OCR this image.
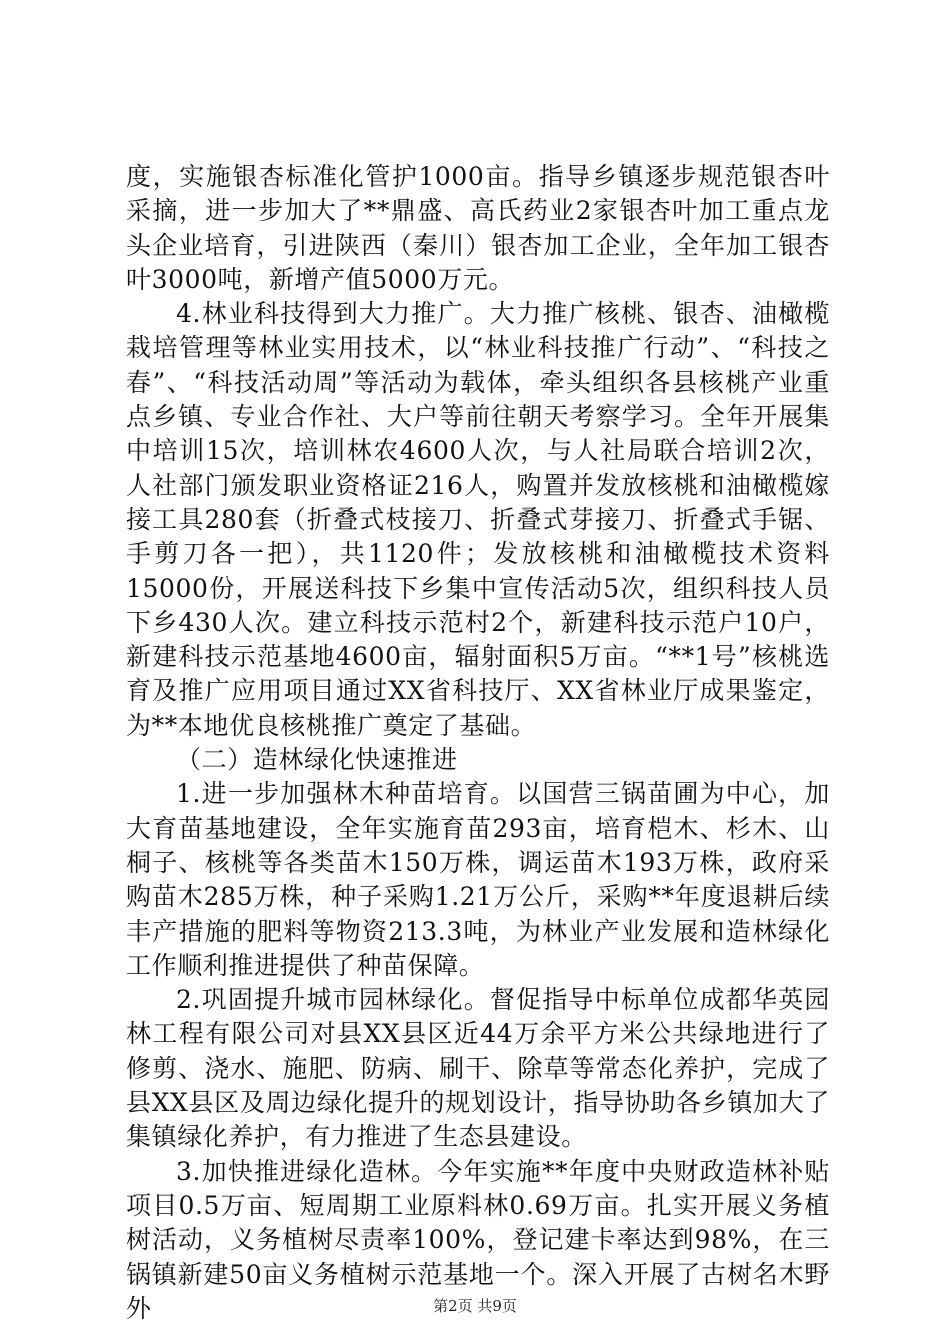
度，实施银杏标准化管护1000亩。指导乡镇逐步规范银杏叶采摘，进一步加大了**鼎盛、高氏药业2家银杏叶加工重点龙头企业培育，引进陕西（秦川）银杏加工企业，全年加工银杏叶3000吨，新增产值5000万元。

4.林业科技得到大力推广。大力推广核桃、银杏、油橄榄栽培管理等林业实用技术，以“林业科技推广行动”、“科技之春”、“科技活动周”等活动为载体，牵头组织各县核桃产业重点乡镇、专业合作社、大户等前往朝天考察学习。全年开展集中培训15次，培训林农4600人次，与人社局联合培训2次，人社部门颁发职业资格证216人，购置并发放核桃和油橄榄嫁接工具280套（折叠式枝接刀、折叠式芽接刀、折叠式手锯、手剪刀各一把），共1120件；发放核桃和油橄榄技术资料15000份，开展送科技下乡集中宣传活动5次，组织科技人员下乡430人次。建立科技示范村2个，新建科技示范户10户，新建科技示范基地4600亩，辐射面积5万亩。“**1号”核桃选育及推广应用项目通过XX省科技厅、XX省林业厅成果鉴定，为**本地优良核桃推广奠定了基础。

（二）造林绿化快速推进

1.进一步加强林木种苗培育。以国营三锅苗圃为中心，加大育苗基地建设，全年实施育苗293亩，培育桤木、杉木、山桐子、核桃等各类苗木150万株，调运苗木193万株，政府采购苗木285万株，种子采购1.21万公斤，采购**年度退耕后续丰产措施的肥料等物资213.3吨，为林业产业发展和造林绿化工作顺利推进提供了种苗保障。

2.巩固提升城市园林绿化。督促指导中标单位成都华英园林工程有限公司对县XX县区近44万余平方米公共绿地进行了修剪、浇水、施肥、防病、刷干、除草等常态化养护，完成了县XX县区及周边绿化提升的规划设计，指导协助各乡镇加大了集镇绿化养护，有力推进了生态县建设。

3.加快推进绿化造林。今年实施**年度中央财政造林补贴项目0.5万亩、短周期工业原料林0.69万亩。扎实开展义务植树活动，义务植树尽责率100%，登记建卡率达到98%，在三锅镇新建50亩义务植树示范基地一个。深入开展了古树名木野外	第2页 共9页
